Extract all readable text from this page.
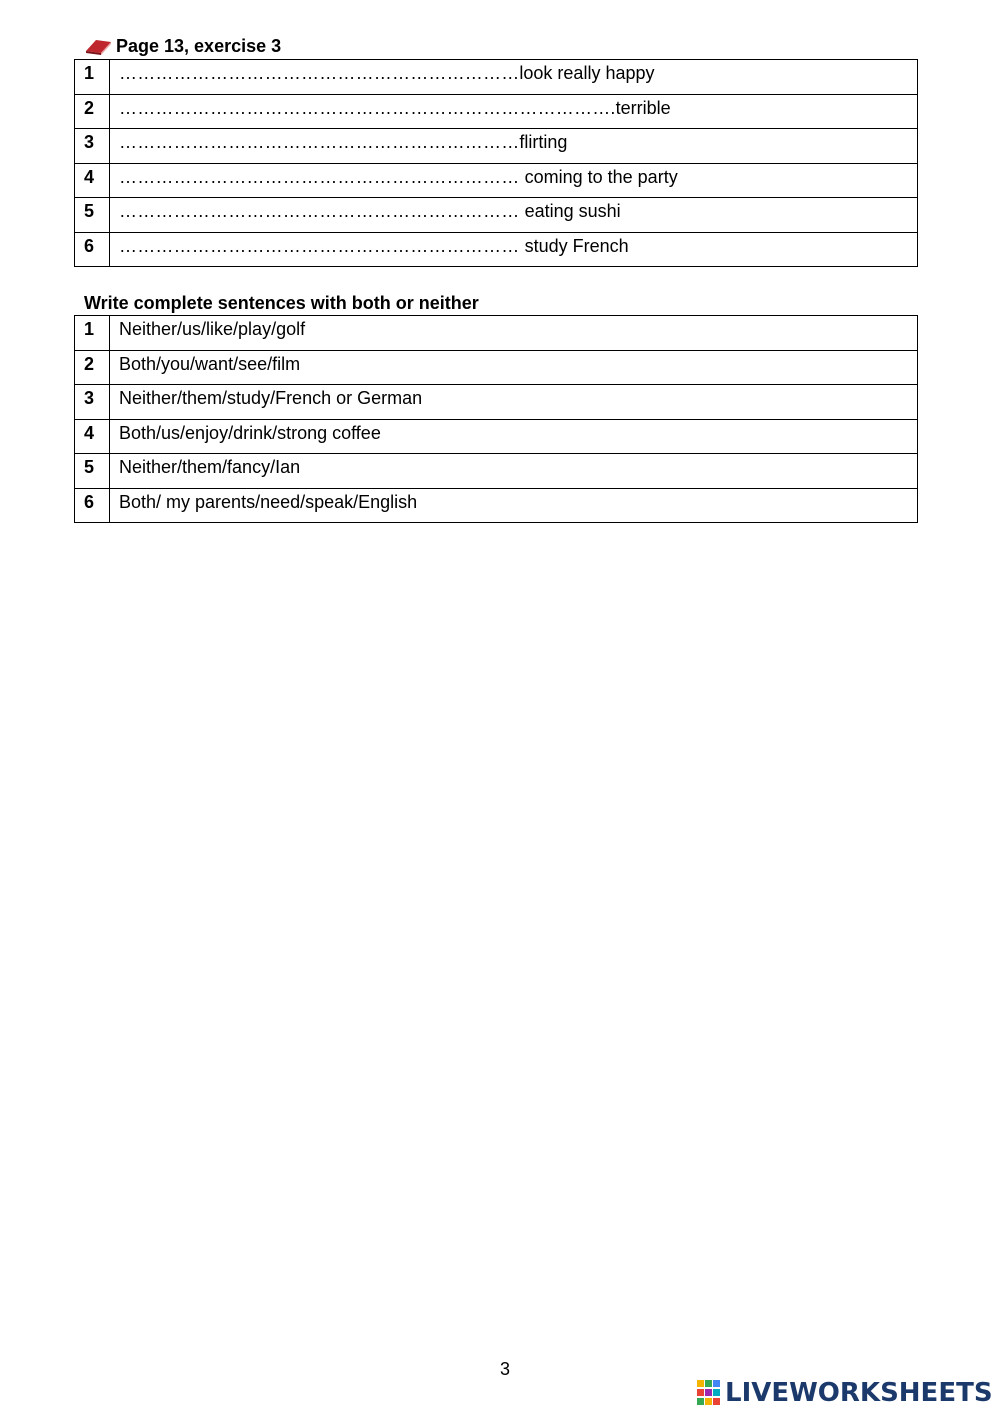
Page 13, exercise 3
1	…………………………………………………………look really happy
2	……………………………………………………………………….terrible
3	…………………………………………………………flirting
4	………………………………………………………… coming to the party
5	………………………………………………………… eating sushi
6	………………………………………………………… study French
Write complete sentences with both or neither
1	Neither/us/like/play/golf
2	Both/you/want/see/film
3	Neither/them/study/French or German
4	Both/us/enjoy/drink/strong coffee
5	Neither/them/fancy/Ian
6	Both/ my parents/need/speak/English
3
LIVEWORKSHEETS
